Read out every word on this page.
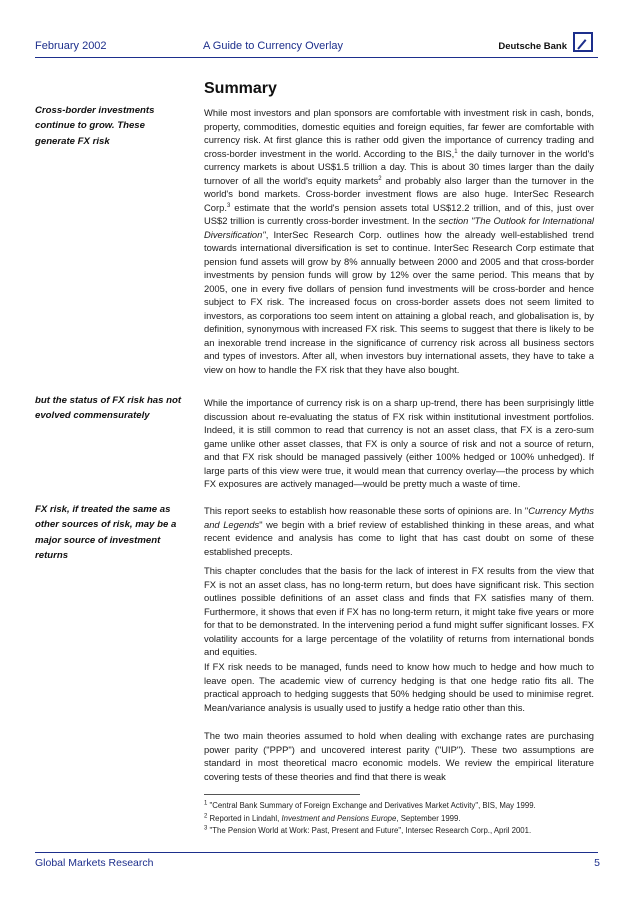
February 2002	A Guide to Currency Overlay	Deutsche Bank
Summary
Cross-border investments continue to grow. These generate FX risk
but the status of FX risk has not evolved commensurately
FX risk, if treated the same as other sources of risk, may be a major source of investment returns
While most investors and plan sponsors are comfortable with investment risk in cash, bonds, property, commodities, domestic equities and foreign equities, far fewer are comfortable with currency risk. At first glance this is rather odd given the importance of currency trading and cross-border investment in the world. According to the BIS,$^1$ the daily turnover in the world's currency markets is about US$1.5 trillion a day. This is about 30 times larger than the daily turnover of all the world's equity markets$^2$ and probably also larger than the turnover in the world's bond markets. Cross-border investment flows are also huge. InterSec Research Corp.$^3$ estimate that the world's pension assets total US$12.2 trillion, and of this, just over US$2 trillion is currently cross-border investment. In the section "The Outlook for International Diversification", InterSec Research Corp. outlines how the already well-established trend towards international diversification is set to continue. InterSec Research Corp estimate that pension fund assets will grow by 8% annually between 2000 and 2005 and that cross-border investments by pension funds will grow by 12% over the same period. This means that by 2005, one in every five dollars of pension fund investments will be cross-border and hence subject to FX risk. The increased focus on cross-border assets does not seem limited to investors, as corporations too seem intent on attaining a global reach, and globalisation is, by definition, synonymous with increased FX risk. This seems to suggest that there is likely to be an inexorable trend increase in the significance of currency risk across all business sectors and types of investors. After all, when investors buy international assets, they have to take a view on how to handle the FX risk that they have also bought.
While the importance of currency risk is on a sharp up-trend, there has been surprisingly little discussion about re-evaluating the status of FX risk within institutional investment portfolios. Indeed, it is still common to read that currency is not an asset class, that FX is a zero-sum game unlike other asset classes, that FX is only a source of risk and not a source of return, and that FX risk should be managed passively (either 100% hedged or 100% unhedged). If large parts of this view were true, it would mean that currency overlay—the process by which FX exposures are actively managed—would be pretty much a waste of time.
This report seeks to establish how reasonable these sorts of opinions are. In "Currency Myths and Legends" we begin with a brief review of established thinking in these areas, and what recent evidence and analysis has come to light that has cast doubt on some of these established precepts.
This chapter concludes that the basis for the lack of interest in FX results from the view that FX is not an asset class, has no long-term return, but does have significant risk. This section outlines possible definitions of an asset class and finds that FX satisfies many of them. Furthermore, it shows that even if FX has no long-term return, it might take five years or more for that to be demonstrated. In the intervening period a fund might suffer significant losses. FX volatility accounts for a large percentage of the volatility of returns from international bonds and equities.
If FX risk needs to be managed, funds need to know how much to hedge and how much to leave open. The academic view of currency hedging is that one hedge ratio fits all. The practical approach to hedging suggests that 50% hedging should be used to minimise regret. Mean/variance analysis is usually used to justify a hedge ratio other than this.
The two main theories assumed to hold when dealing with exchange rates are purchasing power parity ("PPP") and uncovered interest parity ("UIP"). These two assumptions are standard in most theoretical macro economic models. We review the empirical literature covering tests of these theories and find that there is weak
$^1$ "Central Bank Summary of Foreign Exchange and Derivatives Market Activity", BIS, May 1999.
$^2$ Reported in Lindahl, Investment and Pensions Europe, September 1999.
$^3$ "The Pension World at Work: Past, Present and Future", Intersec Research Corp., April 2001.
Global Markets Research	5
